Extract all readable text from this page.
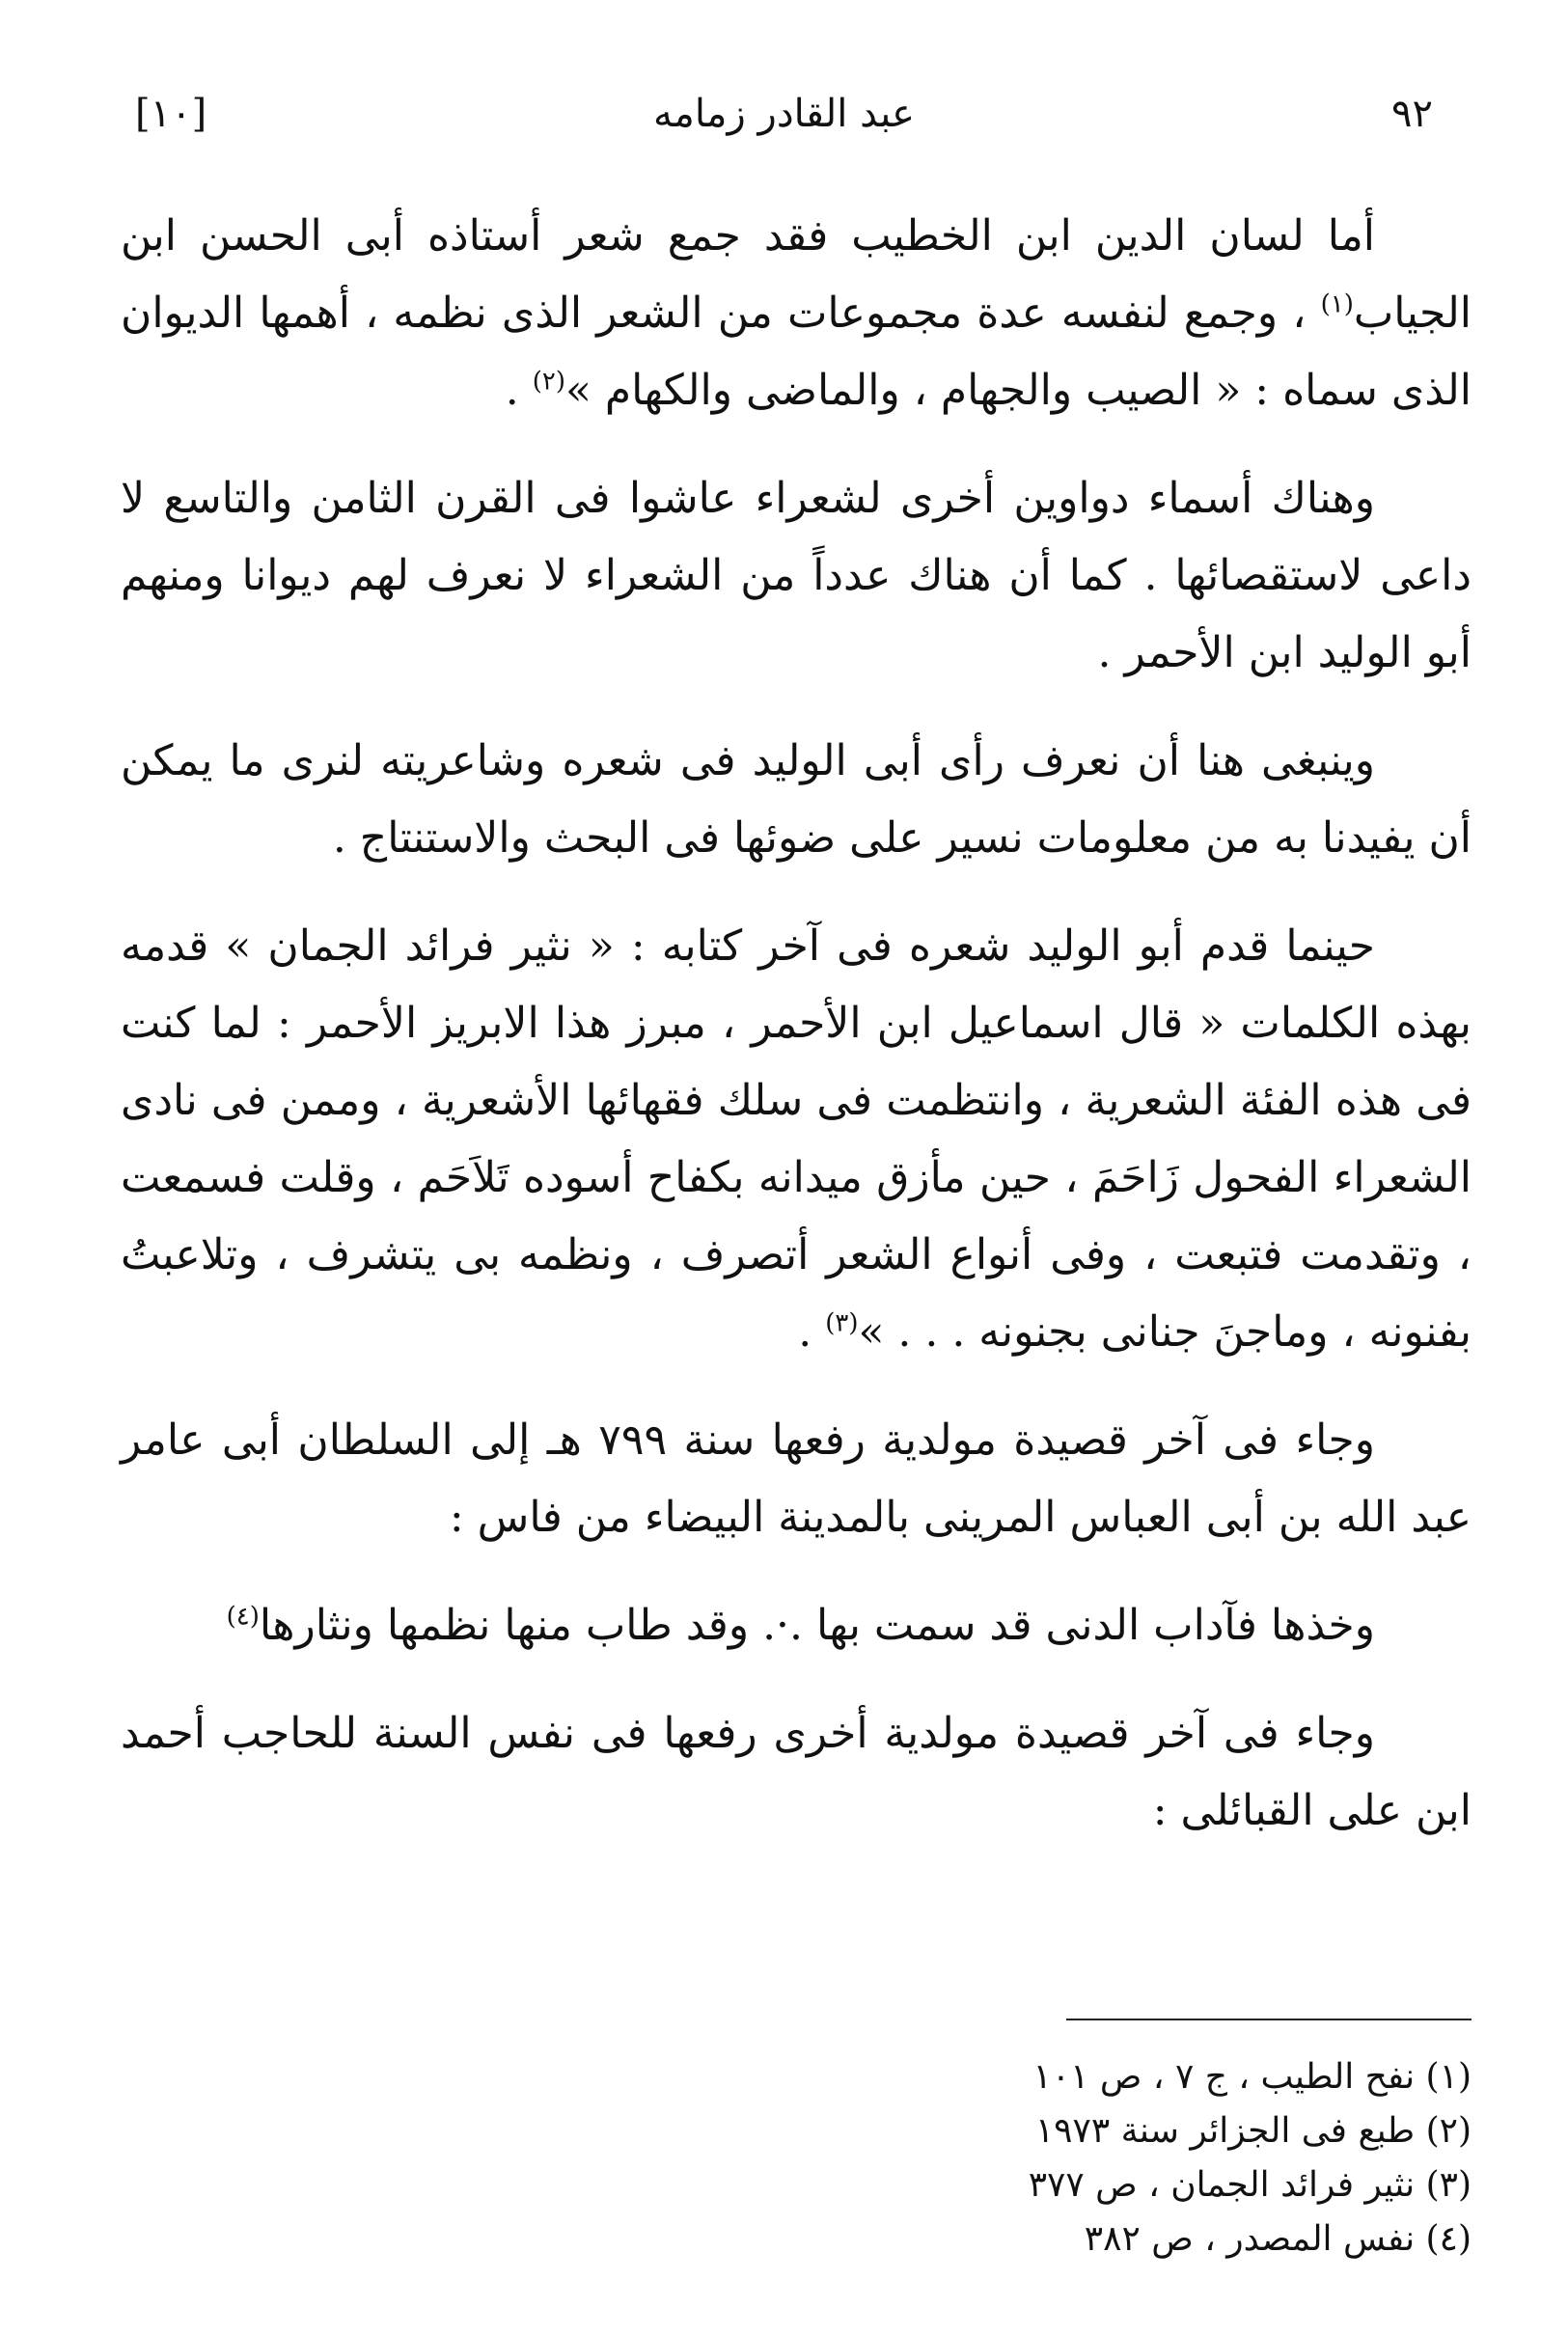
[١٠]	عبد القادر زمامه	٩٢

أما لسان الدين ابن الخطيب فقد جمع شعر أستاذه أبى الحسن ابن الجياب$^{(١)}$ ، وجمع لنفسه عدة مجموعات من الشعر الذى نظمه ، أهمها الديوان الذى سماه : « الصيب والجهام ، والماضى والكهام »$^{(٢)}$ .

وهناك أسماء دواوين أخرى لشعراء عاشوا فى القرن الثامن والتاسع لا داعى لاستقصائها . كما أن هناك عدداً من الشعراء لا نعرف لهم ديوانا ومنهم أبو الوليد ابن الأحمر .

وينبغى هنا أن نعرف رأى أبى الوليد فى شعره وشاعريته لنرى ما يمكن أن يفيدنا به من معلومات نسير على ضوئها فى البحث والاستنتاج .

حينما قدم أبو الوليد شعره فى آخر كتابه : « نثير فرائد الجمان » قدمه بهذه الكلمات « قال اسماعيل ابن الأحمر ، مبرز هذا الابريز الأحمر : لما كنت فى هذه الفئة الشعرية ، وانتظمت فى سلك فقهائها الأشعرية ، وممن فى نادى الشعراء الفحول زَاحَمَ ، حين مأزق ميدانه بكفاح أسوده تَلاَحَم ، وقلت فسمعت ، وتقدمت فتبعت ، وفى أنواع الشعر أتصرف ، ونظمه بى يتشرف ، وتلاعبتُ بفنونه ، وماجنَ جنانى بجنونه . . . »$^{(٣)}$ .

وجاء فى آخر قصيدة مولدية رفعها سنة ٧٩٩ هـ إلى السلطان أبى عامر عبد الله بن أبى العباس المرينى بالمدينة البيضاء من فاس :

وخذها فآداب الدنى قد سمت بها .·. وقد طاب منها نظمها ونثارها$^{(٤)}$

وجاء فى آخر قصيدة مولدية أخرى رفعها فى نفس السنة للحاجب أحمد ابن على القبائلى :

(١) نفح الطيب ، ج ٧ ، ص ١٠١

(٢) طبع فى الجزائر سنة ١٩٧٣

(٣) نثير فرائد الجمان ، ص ٣٧٧

(٤) نفس المصدر ، ص ٣٨٢
